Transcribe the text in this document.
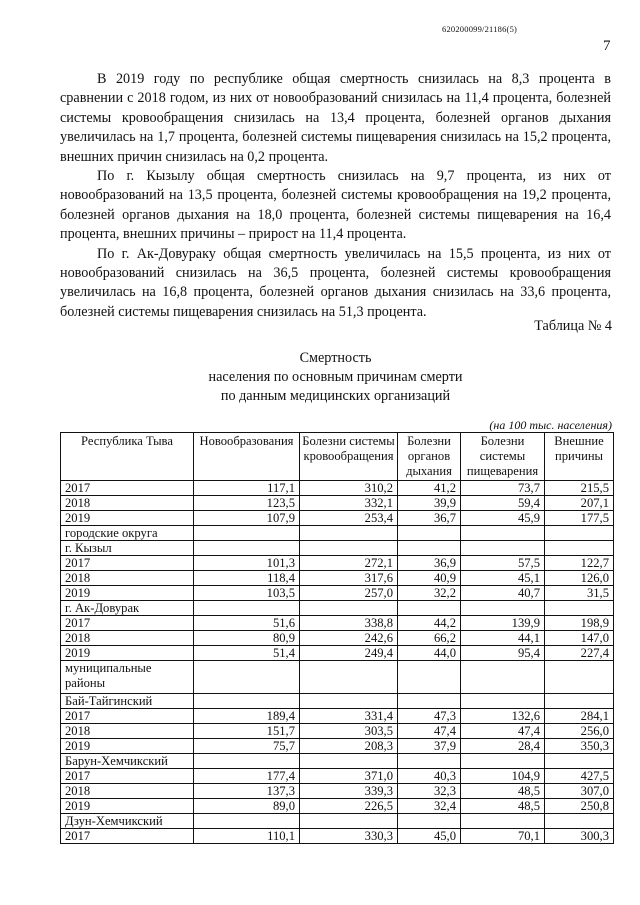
620200099/21186(5)
7

В 2019 году по республике общая смертность снизилась на 8,3 процента в сравнении с 2018 годом, из них от новообразований снизилась на 11,4 процента, болезней системы кровообращения снизилась на 13,4 процента, болезней органов дыхания увеличилась на 1,7 процента, болезней системы пищеварения снизилась на 15,2 процента, внешних причин снизилась на 0,2 процента.

По г. Кызылу общая смертность снизилась на 9,7 процента, из них от новообразований на 13,5 процента, болезней системы кровообращения на 19,2 процента, болезней органов дыхания на 18,0 процента, болезней системы пищеварения на 16,4 процента, внешних причины – прирост на 11,4 процента.

По г. Ак-Довураку общая смертность увеличилась на 15,5 процента, из них от новообразований снизилась на 36,5 процента, болезней системы кровообращения увеличилась на 16,8 процента, болезней органов дыхания снизилась на 33,6 процента, болезней системы пищеварения снизилась на 51,3 процента.

Таблица № 4
Смертность
населения по основным причинам смерти
по данным медицинских организаций
(на 100 тыс. населения)
Республика Тыва	Новообразования	Болезни системы кровообращения	Болезни органов дыхания	Болезни системы пищеварения	Внешние причины
2017	117,1	310,2	41,2	73,7	215,5
2018	123,5	332,1	39,9	59,4	207,1
2019	107,9	253,4	36,7	45,9	177,5
городские округа					
г. Кызыл					
2017	101,3	272,1	36,9	57,5	122,7
2018	118,4	317,6	40,9	45,1	126,0
2019	103,5	257,0	32,2	40,7	31,5
г. Ак-Довурак					
2017	51,6	338,8	44,2	139,9	198,9
2018	80,9	242,6	66,2	44,1	147,0
2019	51,4	249,4	44,0	95,4	227,4
муниципальные районы					
Бай-Тайгинский					
2017	189,4	331,4	47,3	132,6	284,1
2018	151,7	303,5	47,4	47,4	256,0
2019	75,7	208,3	37,9	28,4	350,3
Барун-Хемчикский					
2017	177,4	371,0	40,3	104,9	427,5
2018	137,3	339,3	32,3	48,5	307,0
2019	89,0	226,5	32,4	48,5	250,8
Дзун-Хемчикский					
2017	110,1	330,3	45,0	70,1	300,3
